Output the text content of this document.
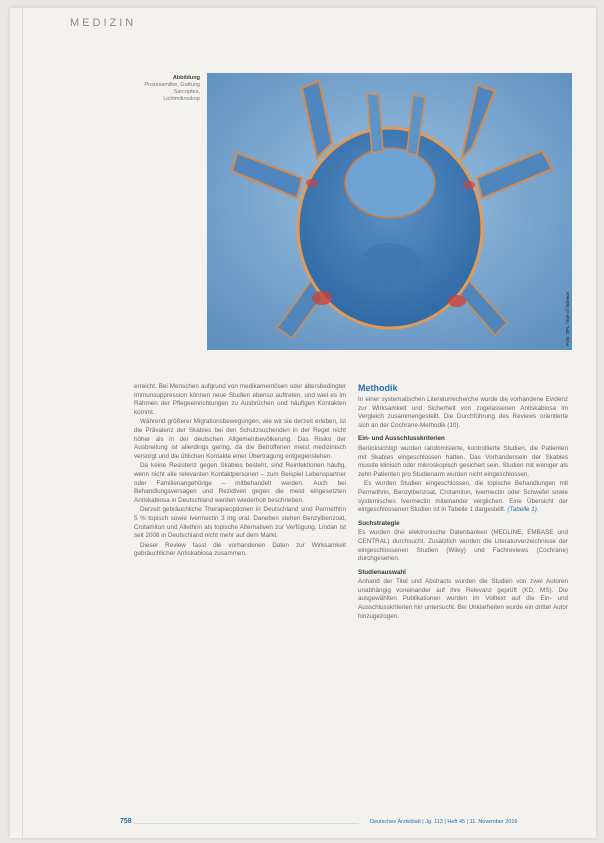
MEDIZIN
Abbildung
Prozessmilbe, Gattung Sarcoptes, Lichtmikroskop
Foto: SPL / Eye of Science

erreicht. Bei Menschen aufgrund von medikamentösen oder altersbedingter Immunsuppression können neue Studien ebenso auftreten, und weil es im Rahmen der Pflegeeinrichtungen zu Ausbrüchen und häufigen Kontakten kommt.

Während größerer Migrationsbewegungen, wie wir sie derzeit erleben, ist die Prävalenz der Skabies bei den Schutzsuchenden in der Regel nicht höher als in der deutschen Allgemeinbevölkerung. Das Risiko der Ausbreitung ist allerdings gering, da die Betroffenen meist medizinisch versorgt und die üblichen Kontakte einer Übertragung entgegenstehen.

Da keine Resistenz gegen Skabies besteht, sind Reinfektionen häufig, wenn nicht alle relevanten Kontaktpersonen – zum Beispiel Lebenspartner oder Familienangehörige – mitbehandelt werden. Auch bei Behandlungsversagen und Rezidiven gegen die meist eingesetzten Antiskabiosa in Deutschland werden wiederholt beschrieben.

Derzeit gebräuchliche Therapieoptionen in Deutschland sind Permethrin 5 % topisch sowie Ivermectin 3 mg oral. Daneben stehen Benzylbenzoat, Crotamiton und Allethrin als topische Alternativen zur Verfügung. Lindan ist seit 2008 in Deutschland nicht mehr auf dem Markt.

Dieser Review fasst die vorhandenen Daten zur Wirksamkeit gebräuchlicher Antiskabiosa zusammen.

Methodik

In einer systematischen Literaturrecherche wurde die vorhandene Evidenz zur Wirksamkeit und Sicherheit von zugelassenen Antiskabiosa im Vergleich zusammengestellt. Die Durchführung des Reviews orientierte sich an der Cochrane-Methodik (10).

Ein- und Ausschlusskriterien

Berücksichtigt wurden randomisierte, kontrollierte Studien, die Patienten mit Skabies eingeschlossen hatten. Das Vorhandensein der Skabies musste klinisch oder mikroskopisch gesichert sein. Studien mit weniger als zehn Patienten pro Studienarm wurden nicht eingeschlossen.

Es wurden Studien eingeschlossen, die topische Behandlungen mit Permethrin, Benzylbenzoat, Crotamiton, Ivermectin oder Schwefel sowie systemisches Ivermectin miteinander verglichen. Eine Übersicht der eingeschlossenen Studien ist in Tabelle 1 dargestellt. (Tabelle 1).

Suchstrategie

Es wurden drei elektronische Datenbanken (MEDLINE, EMBASE und CENTRAL) durchsucht. Zusätzlich wurden die Literaturverzeichnisse der eingeschlossenen Studien (Wiley) und Fachreviews (Cochrane) durchgesehen.

Studienauswahl

Anhand der Titel und Abstracts wurden die Studien von zwei Autoren unabhängig voneinander auf ihre Relevanz geprüft (KD, MS). Die ausgewählten Publikationen wurden im Volltext auf die Ein- und Ausschlusskriterien hin untersucht. Bei Unklarheiten wurde ein dritter Autor hinzugezogen.

758	Deutsches Ärzteblatt | Jg. 113 | Heft 45 | 11. November 2016
